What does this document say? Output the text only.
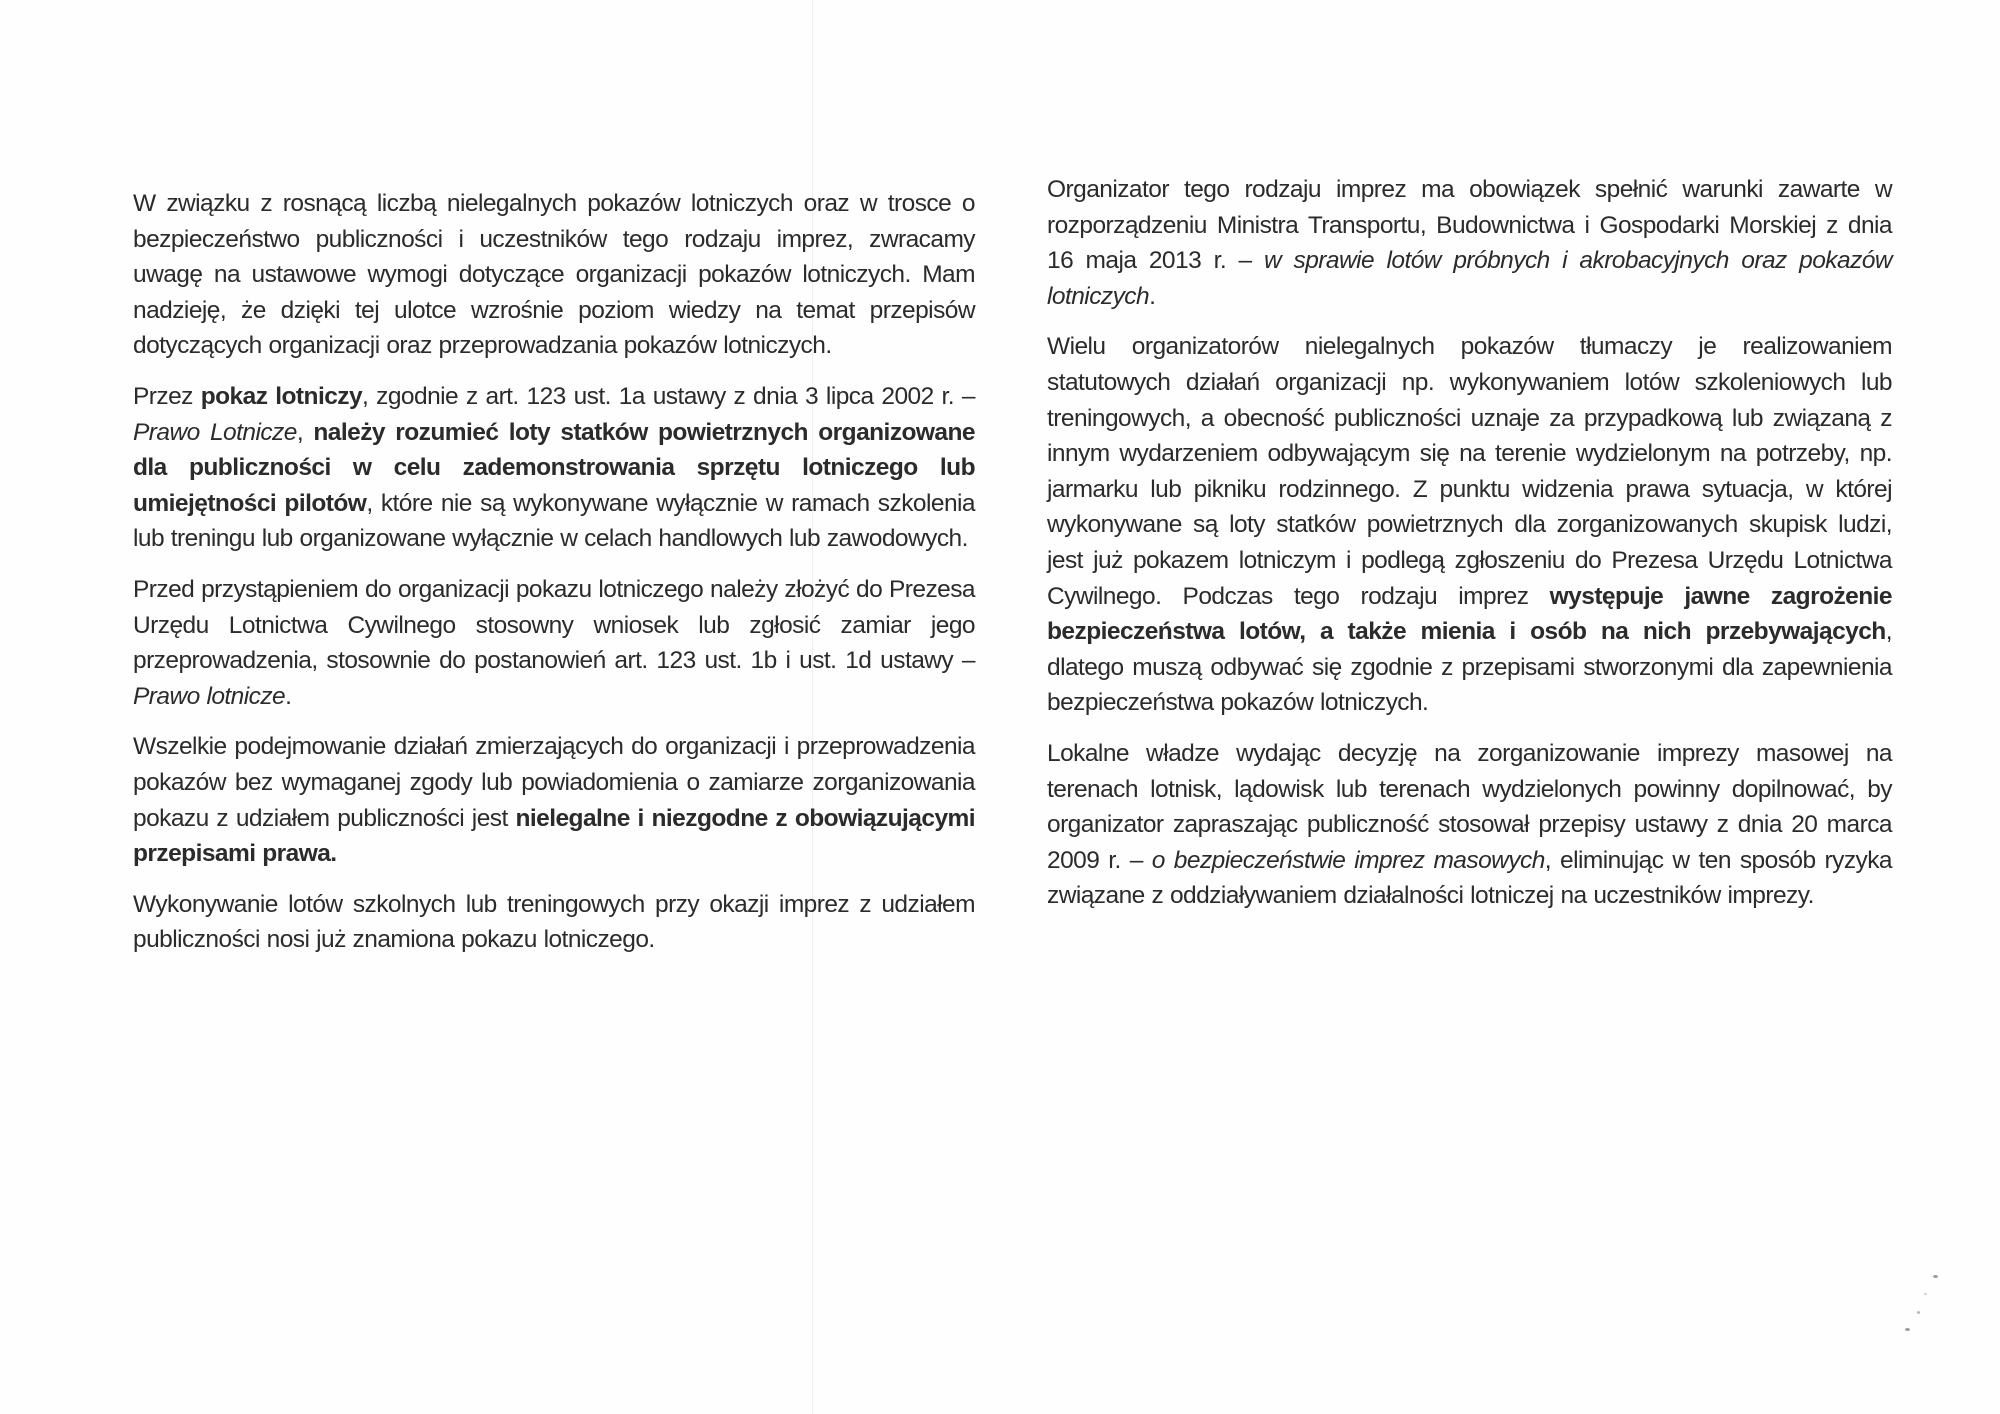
W związku z rosnącą liczbą nielegalnych pokazów lotniczych oraz w trosce o bezpieczeństwo publiczności i uczestników tego rodzaju imprez, zwracamy uwagę na ustawowe wymogi dotyczące organizacji pokazów lotniczych. Mam nadzieję, że dzięki tej ulotce wzrośnie poziom wiedzy na temat przepisów dotyczących organizacji oraz przeprowadzania pokazów lotniczych.

Przez pokaz lotniczy, zgodnie z art. 123 ust. 1a ustawy z dnia 3 lipca 2002 r. – Prawo Lotnicze, należy rozumieć loty statków powietrznych organizowane dla publiczności w celu zademonstrowania sprzętu lotniczego lub umiejętności pilotów, które nie są wykonywane wyłącznie w ramach szkolenia lub treningu lub organizowane wyłącznie w celach handlowych lub zawodowych.

Przed przystąpieniem do organizacji pokazu lotniczego należy złożyć do Prezesa Urzędu Lotnictwa Cywilnego stosowny wniosek lub zgłosić zamiar jego przeprowadzenia, stosownie do postanowień art. 123 ust. 1b i ust. 1d ustawy – Prawo lotnicze.

Wszelkie podejmowanie działań zmierzających do organizacji i przeprowadzenia pokazów bez wymaganej zgody lub powiadomienia o zamiarze zorganizowania pokazu z udziałem publiczności jest nielegalne i niezgodne z obowiązującymi przepisami prawa.

Wykonywanie lotów szkolnych lub treningowych przy okazji imprez z udziałem publiczności nosi już znamiona pokazu lotniczego.

Organizator tego rodzaju imprez ma obowiązek spełnić warunki zawarte w rozporządzeniu Ministra Transportu, Budownictwa i Gospodarki Morskiej z dnia 16 maja 2013 r. – w sprawie lotów próbnych i akrobacyjnych oraz pokazów lotniczych.

Wielu organizatorów nielegalnych pokazów tłumaczy je realizowaniem statutowych działań organizacji np. wykonywaniem lotów szkoleniowych lub treningowych, a obecność publiczności uznaje za przypadkową lub związaną z innym wydarzeniem odbywającym się na terenie wydzielonym na potrzeby, np. jarmarku lub pikniku rodzinnego. Z punktu widzenia prawa sytuacja, w której wykonywane są loty statków powietrznych dla zorganizowanych skupisk ludzi, jest już pokazem lotniczym i podlegą zgłoszeniu do Prezesa Urzędu Lotnictwa Cywilnego. Podczas tego rodzaju imprez występuje jawne zagrożenie bezpieczeństwa lotów, a także mienia i osób na nich przebywających, dlatego muszą odbywać się zgodnie z przepisami stworzonymi dla zapewnienia bezpieczeństwa pokazów lotniczych.

Lokalne władze wydając decyzję na zorganizowanie imprezy masowej na terenach lotnisk, lądowisk lub terenach wydzielonych powinny dopilnować, by organizator zapraszając publiczność stosował przepisy ustawy z dnia 20 marca 2009 r. – o bezpieczeństwie imprez masowych, eliminując w ten sposób ryzyka związane z oddziaływaniem działalności lotniczej na uczestników imprezy.
